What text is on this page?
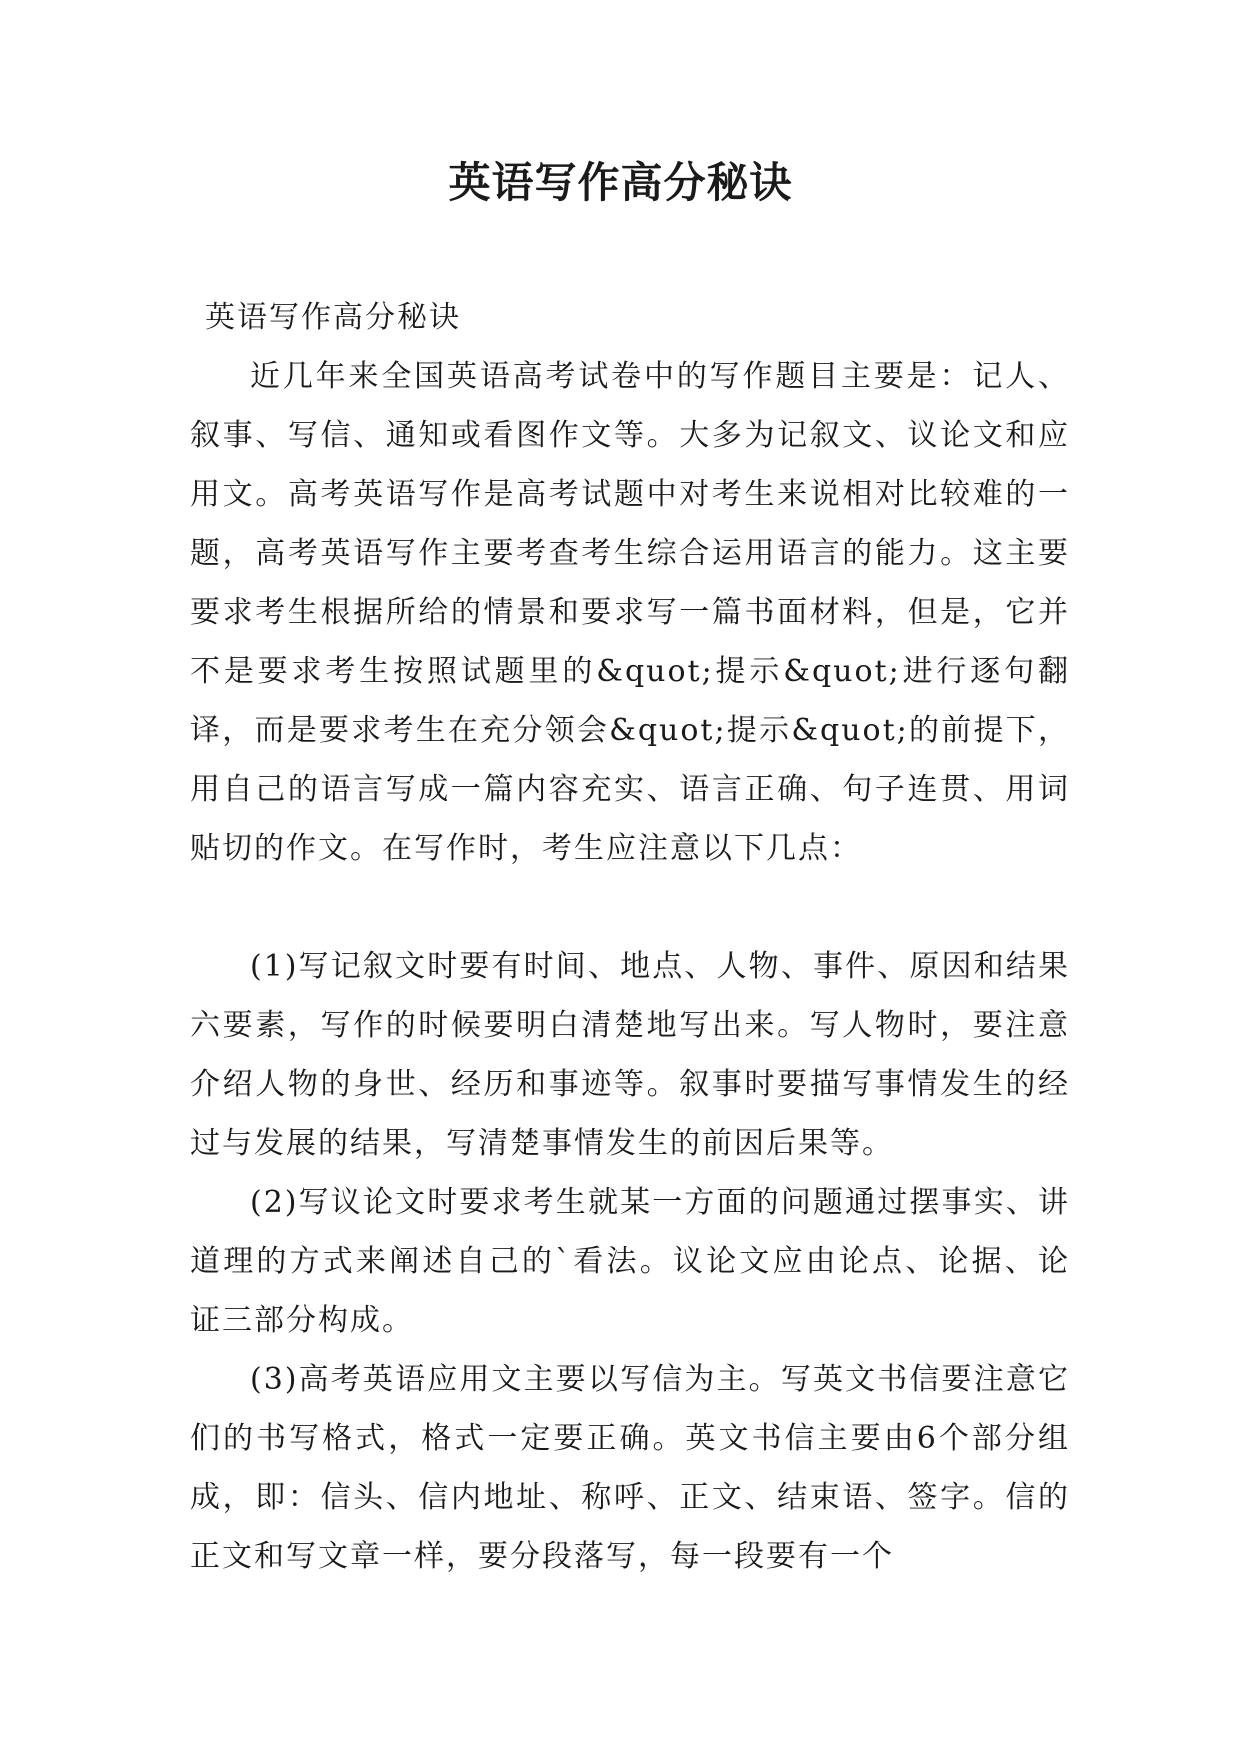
英语写作高分秘诀

英语写作高分秘诀

近几年来全国英语高考试卷中的写作题目主要是：记人、叙事、写信、通知或看图作文等。大多为记叙文、议论文和应用文。高考英语写作是高考试题中对考生来说相对比较难的一题，高考英语写作主要考查考生综合运用语言的能力。这主要要求考生根据所给的情景和要求写一篇书面材料，但是，它并不是要求考生按照试题里的&quot;提示&quot;进行逐句翻译，而是要求考生在充分领会&quot;提示&quot;的前提下，用自己的语言写成一篇内容充实、语言正确、句子连贯、用词贴切的作文。在写作时，考生应注意以下几点：

(1)写记叙文时要有时间、地点、人物、事件、原因和结果六要素，写作的时候要明白清楚地写出来。写人物时，要注意介绍人物的身世、经历和事迹等。叙事时要描写事情发生的经过与发展的结果，写清楚事情发生的前因后果等。

(2)写议论文时要求考生就某一方面的问题通过摆事实、讲道理的方式来阐述自己的`看法。议论文应由论点、论据、论证三部分构成。

(3)高考英语应用文主要以写信为主。写英文书信要注意它们的书写格式，格式一定要正确。英文书信主要由6个部分组成，即：信头、信内地址、称呼、正文、结束语、签字。信的正文和写文章一样，要分段落写，每一段要有一个
